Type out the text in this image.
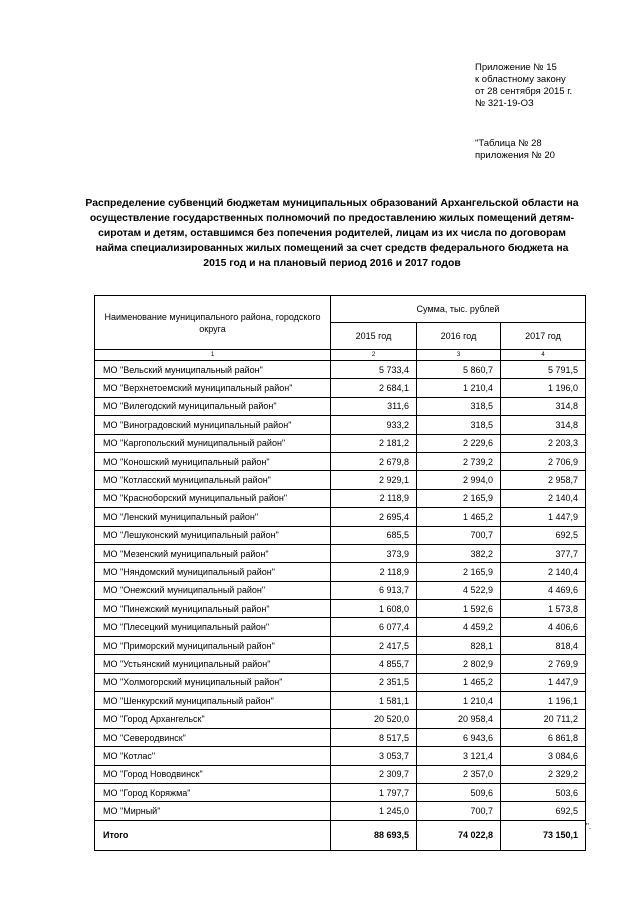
Приложение № 15
к областному закону
от 28 сентября 2015 г.
№ 321-19-ОЗ
"Таблица № 28
приложения № 20
Распределение субвенций бюджетам муниципальных образований Архангельской области на осуществление государственных полномочий по предоставлению жилых помещений детям-сиротам и детям, оставшимся без попечения родителей, лицам из их числа по договорам найма специализированных жилых помещений за счет средств федерального бюджета на 2015 год и на плановый период 2016 и 2017 годов
Наименование муниципального района, городского округа	Сумма, тыс. рублей		
	2015 год	2016 год	2017 год
1	2	3	4
МО "Вельский муниципальный район"	5 733,4	5 860,7	5 791,5
МО "Верхнетоемский муниципальный район"	2 684,1	1 210,4	1 196,0
МО "Вилегодский муниципальный район"	311,6	318,5	314,8
МО "Виноградовский муниципальный район"	933,2	318,5	314,8
МО "Каргопольский муниципальный район"	2 181,2	2 229,6	2 203,3
МО "Коношский муниципальный район"	2 679,8	2 739,2	2 706,9
МО "Котласский муниципальный район"	2 929,1	2 994,0	2 958,7
МО "Красноборский муниципальный район"	2 118,9	2 165,9	2 140,4
МО "Ленский муниципальный район"	2 695,4	1 465,2	1 447,9
МО "Лешуконский муниципальный район"	685,5	700,7	692,5
МО "Мезенский муниципальный район"	373,9	382,2	377,7
МО "Няндомский муниципальный район"	2 118,9	2 165,9	2 140,4
МО "Онежский муниципальный район"	6 913,7	4 522,9	4 469,6
МО "Пинежский муниципальный район"	1 608,0	1 592,6	1 573,8
МО "Плесецкий муниципальный район"	6 077,4	4 459,2	4 406,6
МО "Приморский муниципальный район"	2 417,5	828,1	818,4
МО "Устьянский муниципальный район"	4 855,7	2 802,9	2 769,9
МО "Холмогорский муниципальный район"	2 351,5	1 465,2	1 447,9
МО "Шенкурский муниципальный район"	1 581,1	1 210,4	1 196,1
МО "Город Архангельск"	20 520,0	20 958,4	20 711,2
МО "Северодвинск"	8 517,5	6 943,6	6 861,8
МО "Котлас"	3 053,7	3 121,4	3 084,6
МО "Город Новодвинск"	2 309,7	2 357,0	2 329,2
МО "Город Коряжма"	1 797,7	509,6	503,6
МО "Мирный"	1 245,0	700,7	692,5
Итого	88 693,5	74 022,8	73 150,1
".
